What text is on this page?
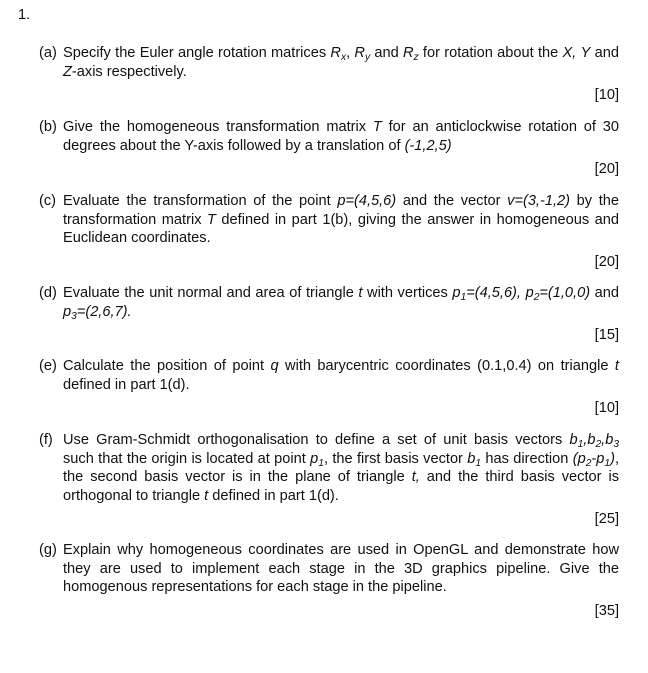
1.
(a) Specify the Euler angle rotation matrices $R_x$, $R_y$ and $R_z$ for rotation about the X, Y and Z-axis respectively.
[10]
(b) Give the homogeneous transformation matrix T for an anticlockwise rotation of 30 degrees about the Y-axis followed by a translation of (-1,2,5)
[20]
(c) Evaluate the transformation of the point p=(4,5,6) and the vector v=(3,-1,2) by the transformation matrix T defined in part 1(b), giving the answer in homogeneous and Euclidean coordinates.
[20]
(d) Evaluate the unit normal and area of triangle t with vertices $p_1=(4,5,6)$, $p_2=(1,0,0)$ and $p_3=(2,6,7)$.
[15]
(e) Calculate the position of point q with barycentric coordinates (0.1,0.4) on triangle t defined in part 1(d).
[10]
(f) Use Gram-Schmidt orthogonalisation to define a set of unit basis vectors $b_1,b_2,b_3$ such that the origin is located at point $p_1$, the first basis vector $b_1$ has direction $(p_2-p_1)$, the second basis vector is in the plane of triangle t, and the third basis vector is orthogonal to triangle t defined in part 1(d).
[25]
(g) Explain why homogeneous coordinates are used in OpenGL and demonstrate how they are used to implement each stage in the 3D graphics pipeline. Give the homogenous representations for each stage in the pipeline.
[35]
